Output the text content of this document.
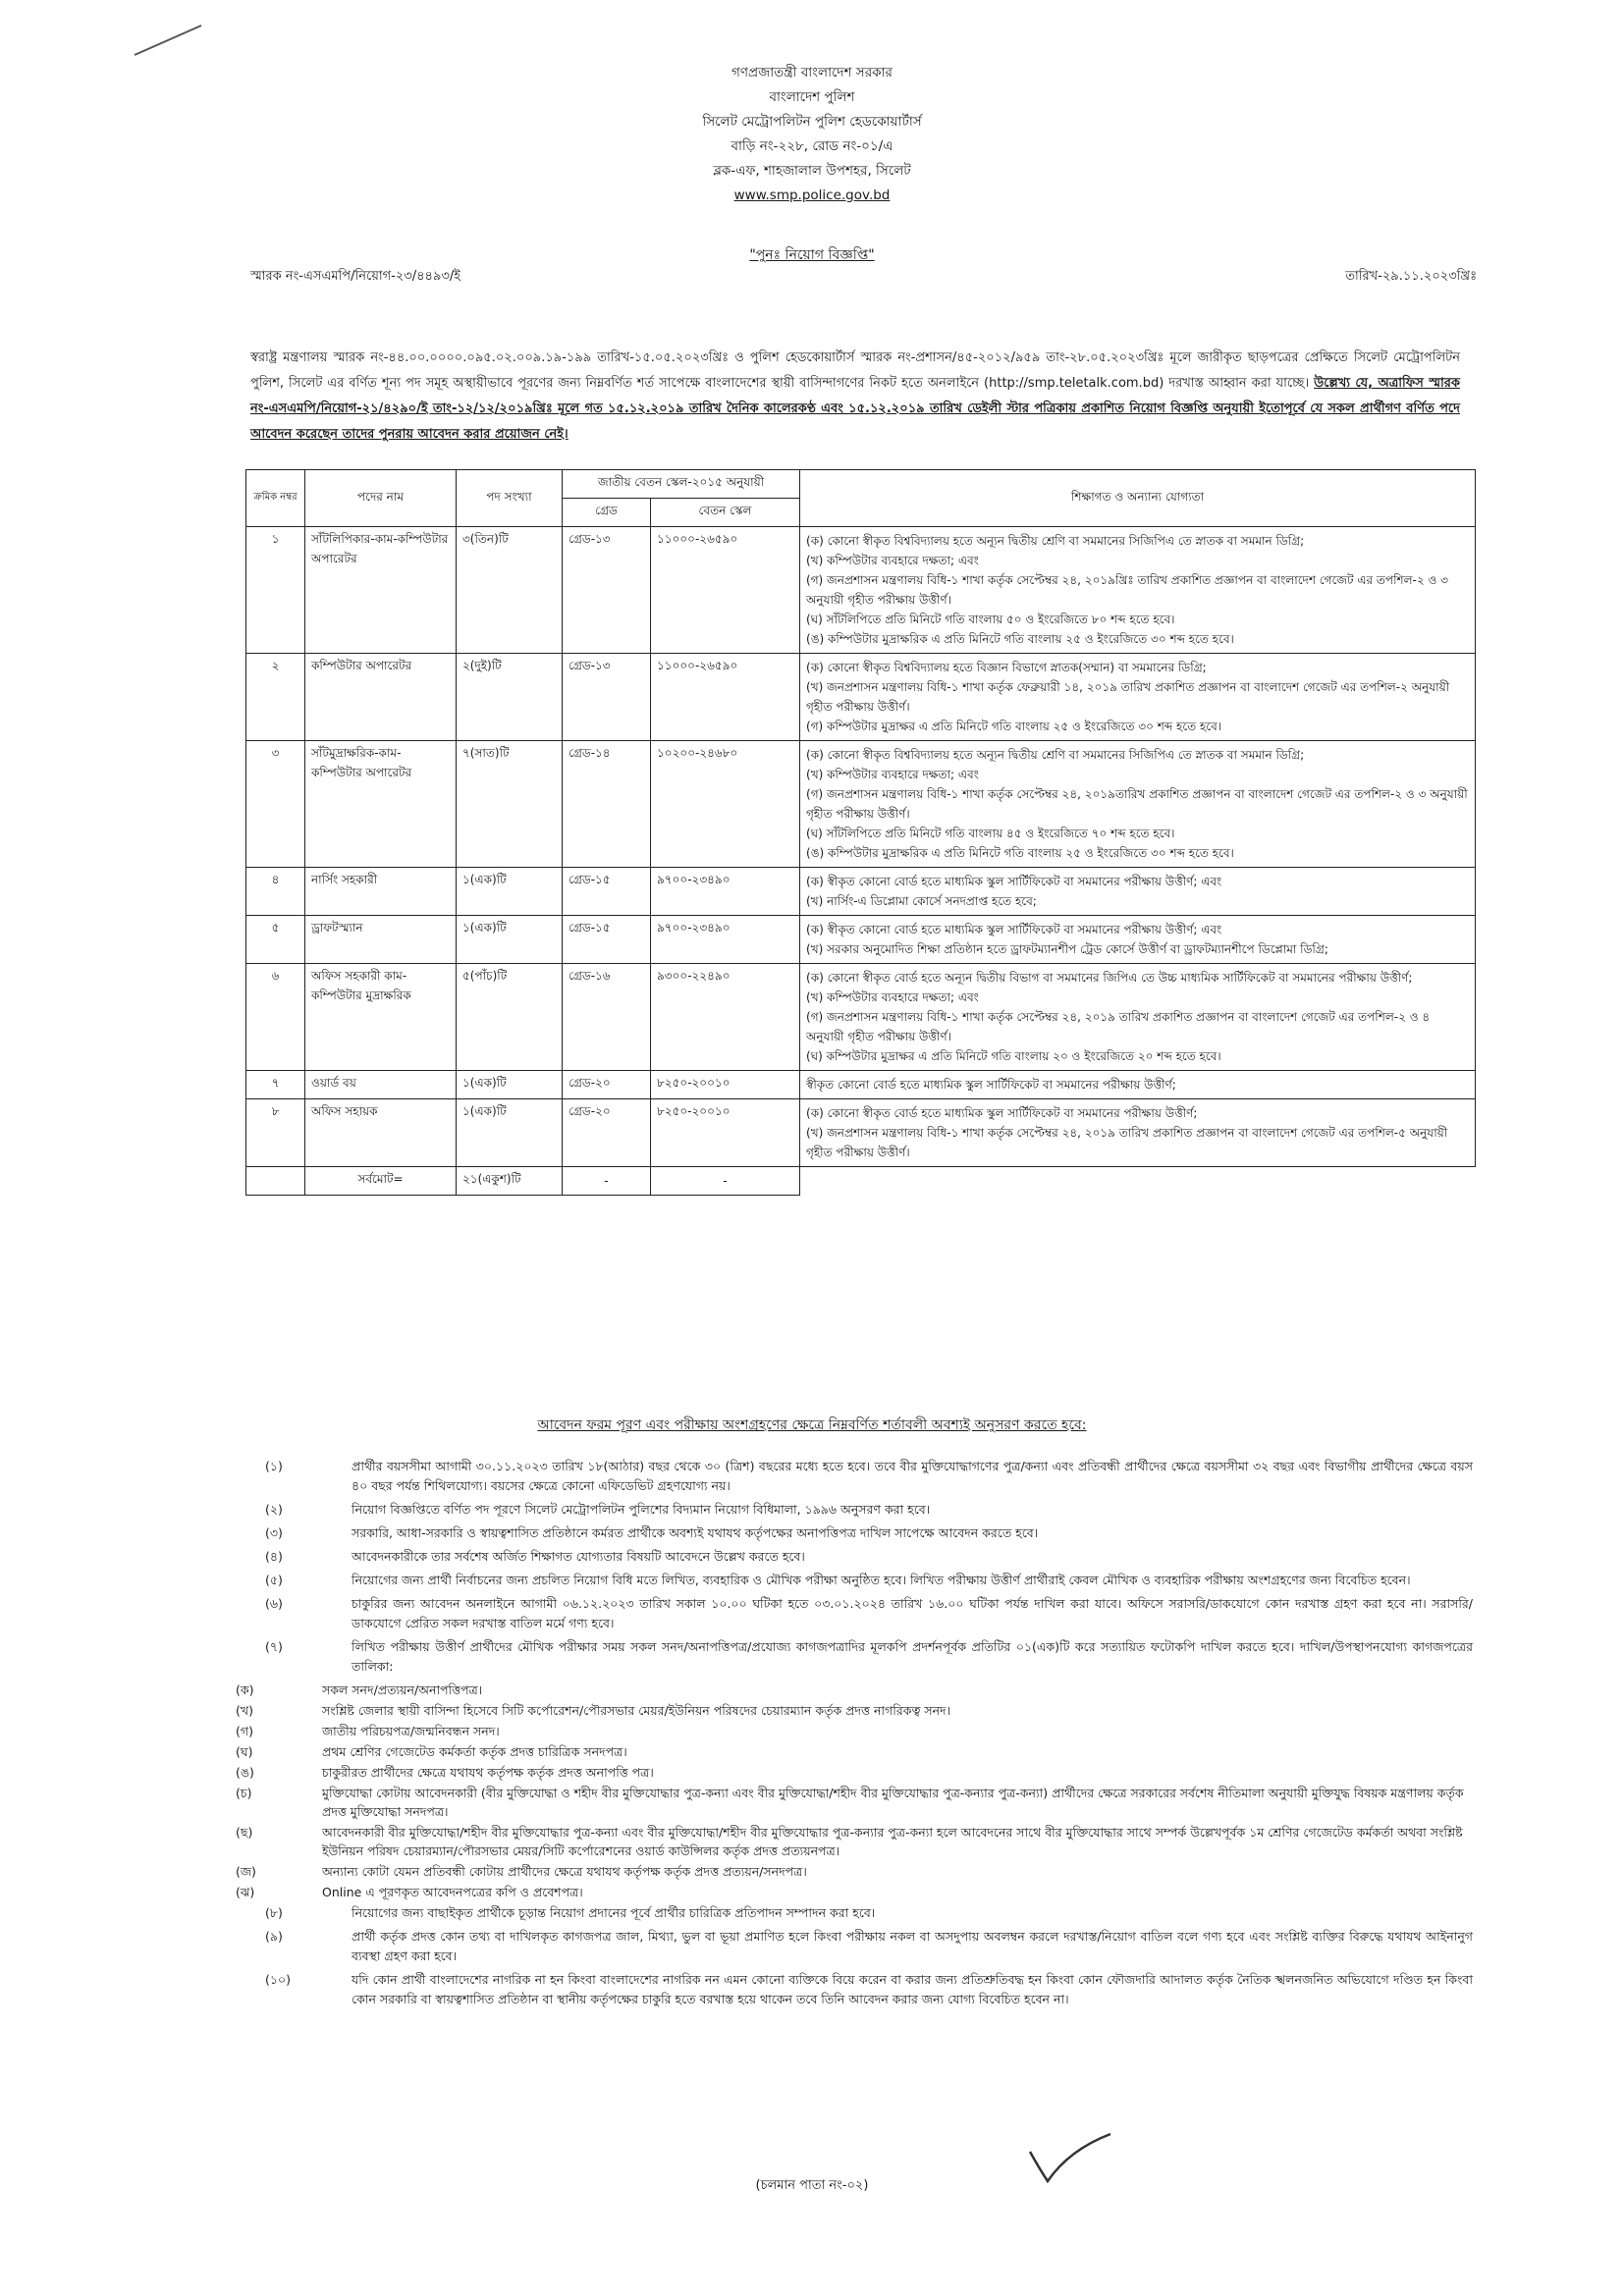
গণপ্রজাতন্ত্রী বাংলাদেশ সরকার
বাংলাদেশ পুলিশ
সিলেট মেট্রোপলিটন পুলিশ হেডকোয়ার্টার্স
বাড়ি নং-২২৮, রোড নং-০১/এ
ব্লক-এফ, শাহজালাল উপশহর, সিলেট
www.smp.police.gov.bd
"পুনঃ নিয়োগ বিজ্ঞপ্তি"
স্মারক নং-এসএমপি/নিয়োগ-২৩/৪৪৯৩/ই	তারিখ-২৯.১১.২০২৩খ্রিঃ
স্বরাষ্ট্র মন্ত্রণালয় স্মারক নং-৪৪.০০.০০০০.০৯৫.০২.০০৯.১৯-১৯৯ তারিখ-১৫.০৫.২০২৩খ্রিঃ ও পুলিশ হেডকোয়ার্টার্স স্মারক নং-প্রশাসন/৪৫-২০১২/৯৫৯ তাং-২৮.০৫.২০২৩খ্রিঃ মূলে জারীকৃত ছাড়পত্রের প্রেক্ষিতে সিলেট মেট্রোপলিটন পুলিশ, সিলেট এর বর্ণিত শূন্য পদ সমূহ অস্থায়ীভাবে পূরণের জন্য নিম্নবর্ণিত শর্ত সাপেক্ষে বাংলাদেশের স্থায়ী বাসিন্দাগণের নিকট হতে অনলাইনে (http://smp.teletalk.com.bd) দরখাস্ত আহ্বান করা যাচ্ছে। উল্লেখ্য যে, অত্রাফিস স্মারক নং-এসএমপি/নিয়োগ-২১/৪২৯০/ই তাং-১২/১২/২০১৯খ্রিঃ মূলে গত ১৫.১২.২০১৯ তারিখ দৈনিক কালেরকণ্ঠ এবং ১৫.১২.২০১৯ তারিখ ডেইলী স্টার পত্রিকায় প্রকাশিত নিয়োগ বিজ্ঞপ্তি অনুযায়ী ইতোপূর্বে যে সকল প্রার্থীগণ বর্ণিত পদে আবেদন করেছেন তাদের পুনরায় আবেদন করার প্রয়োজন নেই।
ক্রমিক নম্বর	পদের নাম	পদ সংখ্যা	জাতীয় বেতন স্কেল-২০১৫ অনুযায়ী		শিক্ষাগত ও অন্যান্য যোগ্যতা
			গ্রেড	বেতন স্কেল	
১	সাঁটলিপিকার-কাম-কম্পিউটার অপারেটর	৩(তিন)টি	গ্রেড-১৩	১১০০০-২৬৫৯০	(ক) কোনো স্বীকৃত বিশ্ববিদ্যালয় হতে অন্যূন দ্বিতীয় শ্রেণি বা সমমানের সিজিপিএ তে স্নাতক বা সমমান ডিগ্রি;
(খ) কম্পিউটার ব্যবহারে দক্ষতা; এবং
(গ) জনপ্রশাসন মন্ত্রণালয় বিধি-১ শাখা কর্তৃক সেপ্টেম্বর ২৪, ২০১৯খ্রিঃ তারিখ প্রকাশিত প্রজ্ঞাপন বা বাংলাদেশ গেজেট এর তপশিল-২ ও ৩ অনুযায়ী গৃহীত পরীক্ষায় উত্তীর্ণ।
(ঘ) সাঁটলিপিতে প্রতি মিনিটে গতি বাংলায় ৫০ ও ইংরেজিতে ৮০ শব্দ হতে হবে।
(ঙ) কম্পিউটার মুদ্রাক্ষরিক এ প্রতি মিনিটে গতি বাংলায় ২৫ ও ইংরেজিতে ৩০ শব্দ হতে হবে।

২	কম্পিউটার অপারেটর	২(দুই)টি	গ্রেড-১৩	১১০০০-২৬৫৯০	(ক) কোনো স্বীকৃত বিশ্ববিদ্যালয় হতে বিজ্ঞান বিভাগে স্নাতক(সম্মান) বা সমমানের ডিগ্রি;
(খ) জনপ্রশাসন মন্ত্রণালয় বিধি-১ শাখা কর্তৃক ফেব্রুয়ারী ১৪, ২০১৯ তারিখ প্রকাশিত প্রজ্ঞাপন বা বাংলাদেশ গেজেট এর তপশিল-২ অনুযায়ী গৃহীত পরীক্ষায় উত্তীর্ণ।
(গ) কম্পিউটার মুদ্রাক্ষর এ প্রতি মিনিটে গতি বাংলায় ২৫ ও ইংরেজিতে ৩০ শব্দ হতে হবে।

৩	সাঁটমুদ্রাক্ষরিক-কাম-কম্পিউটার অপারেটর	৭(সাত)টি	গ্রেড-১৪	১০২০০-২৪৬৮০	(ক) কোনো স্বীকৃত বিশ্ববিদ্যালয় হতে অন্যূন দ্বিতীয় শ্রেণি বা সমমানের সিজিপিএ তে স্নাতক বা সমমান ডিগ্রি;
(খ) কম্পিউটার ব্যবহারে দক্ষতা; এবং
(গ) জনপ্রশাসন মন্ত্রণালয় বিধি-১ শাখা কর্তৃক সেপ্টেম্বর ২৪, ২০১৯তারিখ প্রকাশিত প্রজ্ঞাপন বা বাংলাদেশ গেজেট এর তপশিল-২ ও ৩ অনুযায়ী গৃহীত পরীক্ষায় উত্তীর্ণ।
(ঘ) সাঁটলিপিতে প্রতি মিনিটে গতি বাংলায় ৪৫ ও ইংরেজিতে ৭০ শব্দ হতে হবে।
(ঙ) কম্পিউটার মুদ্রাক্ষরিক এ প্রতি মিনিটে গতি বাংলায় ২৫ ও ইংরেজিতে ৩০ শব্দ হতে হবে।

৪	নার্সিং সহকারী	১(এক)টি	গ্রেড-১৫	৯৭০০-২৩৪৯০	(ক) স্বীকৃত কোনো বোর্ড হতে মাধ্যমিক স্কুল সার্টিফিকেট বা সমমানের পরীক্ষায় উত্তীর্ণ; এবং
(খ) নার্সিং-এ ডিপ্লোমা কোর্সে সনদপ্রাপ্ত হতে হবে;

৫	ড্রাফটস্ম্যান	১(এক)টি	গ্রেড-১৫	৯৭০০-২৩৪৯০	(ক) স্বীকৃত কোনো বোর্ড হতে মাধ্যমিক স্কুল সার্টিফিকেট বা সমমানের পরীক্ষায় উত্তীর্ণ; এবং
(খ) সরকার অনুমোদিত শিক্ষা প্রতিষ্ঠান হতে ড্রাফটম্যানশীপ ট্রেড কোর্সে উত্তীর্ণ বা ড্রাফটম্যানশীপে ডিপ্লোমা ডিগ্রি;

৬	অফিস সহকারী কাম-কম্পিউটার মুদ্রাক্ষরিক	৫(পাঁচ)টি	গ্রেড-১৬	৯৩০০-২২৪৯০	(ক) কোনো স্বীকৃত বোর্ড হতে অন্যূন দ্বিতীয় বিভাগ বা সমমানের জিপিএ তে উচ্চ মাধ্যমিক সার্টিফিকেট বা সমমানের পরীক্ষায় উত্তীর্ণ;
(খ) কম্পিউটার ব্যবহারে দক্ষতা; এবং
(গ) জনপ্রশাসন মন্ত্রণালয় বিধি-১ শাখা কর্তৃক সেপ্টেম্বর ২৪, ২০১৯ তারিখ প্রকাশিত প্রজ্ঞাপন বা বাংলাদেশ গেজেট এর তপশিল-২ ও ৪ অনুযায়ী গৃহীত পরীক্ষায় উত্তীর্ণ।
(ঘ) কম্পিউটার মুদ্রাক্ষর এ প্রতি মিনিটে গতি বাংলায় ২০ ও ইংরেজিতে ২০ শব্দ হতে হবে।

৭	ওয়ার্ড বয়	১(এক)টি	গ্রেড-২০	৮২৫০-২০০১০	স্বীকৃত কোনো বোর্ড হতে মাধ্যমিক স্কুল সার্টিফিকেট বা সমমানের পরীক্ষায় উত্তীর্ণ;

৮	অফিস সহায়ক	১(এক)টি	গ্রেড-২০	৮২৫০-২০০১০	(ক) কোনো স্বীকৃত বোর্ড হতে মাধ্যমিক স্কুল সার্টিফিকেট বা সমমানের পরীক্ষায় উত্তীর্ণ;
(খ) জনপ্রশাসন মন্ত্রণালয় বিধি-১ শাখা কর্তৃক সেপ্টেম্বর ২৪, ২০১৯ তারিখ প্রকাশিত প্রজ্ঞাপন বা বাংলাদেশ গেজেট এর তপশিল-৫ অনুযায়ী গৃহীত পরীক্ষায় উত্তীর্ণ।

	সর্বমোট=	২১(একুশ)টি	-	-	
আবেদন ফরম পূরণ এবং পরীক্ষায় অংশগ্রহণের ক্ষেত্রে নিম্নবর্ণিত শর্তাবলী অবশ্যই অনুসরণ করতে হবে:
(১)	প্রার্থীর বয়সসীমা আগামী ৩০.১১.২০২৩ তারিখ ১৮(আঠার) বছর থেকে ৩০ (ত্রিশ) বছরের মধ্যে হতে হবে। তবে বীর মুক্তিযোদ্ধাগণের পুত্র/কন্যা এবং প্রতিবন্ধী প্রার্থীদের ক্ষেত্রে বয়সসীমা ৩২ বছর এবং বিভাগীয় প্রার্থীদের ক্ষেত্রে বয়স ৪০ বছর পর্যন্ত শিথিলযোগ্য। বয়সের ক্ষেত্রে কোনো এফিডেভিট গ্রহণযোগ্য নয়।
(২)	নিয়োগ বিজ্ঞপ্তিতে বর্ণিত পদ পূরণে সিলেট মেট্রোপলিটন পুলিশের বিদ্যমান নিয়োগ বিধিমালা, ১৯৯৬ অনুসরণ করা হবে।
(৩)	সরকারি, আধা-সরকারি ও স্বায়ত্বশাসিত প্রতিষ্ঠানে কর্মরত প্রার্থীকে অবশ্যই যথাযথ কর্তৃপক্ষের অনাপত্তিপত্র দাখিল সাপেক্ষে আবেদন করতে হবে।
(৪)	আবেদনকারীকে তার সর্বশেষ অর্জিত শিক্ষাগত যোগ্যতার বিষয়টি আবেদনে উল্লেখ করতে হবে।
(৫)	নিয়োগের জন্য প্রার্থী নির্বাচনের জন্য প্রচলিত নিয়োগ বিধি মতে লিখিত, ব্যবহারিক ও মৌখিক পরীক্ষা অনুষ্ঠিত হবে। লিখিত পরীক্ষায় উত্তীর্ণ প্রার্থীরাই কেবল মৌখিক ও ব্যবহারিক পরীক্ষায় অংশগ্রহণের জন্য বিবেচিত হবেন।
(৬)	চাকুরির জন্য আবেদন অনলাইনে আগামী ০৬.১২.২০২৩ তারিখ সকাল ১০.০০ ঘটিকা হতে ০৩.০১.২০২৪ তারিখ ১৬.০০ ঘটিকা পর্যন্ত দাখিল করা যাবে। অফিসে সরাসরি/ডাকযোগে কোন দরখাস্ত গ্রহণ করা হবে না। সরাসরি/ডাকযোগে প্রেরিত সকল দরখাস্ত বাতিল মর্মে গণ্য হবে।
(৭)	লিখিত পরীক্ষায় উত্তীর্ণ প্রার্থীদের মৌখিক পরীক্ষার সময় সকল সনদ/অনাপত্তিপত্র/প্রযোজ্য কাগজপত্রাদির মূলকপি প্রদর্শনপূর্বক প্রতিটির ০১(এক)টি করে সত্যায়িত ফটোকপি দাখিল করতে হবে। দাখিল/উপস্থাপনযোগ্য কাগজপত্রের তালিকা:
(ক)	সকল সনদ/প্রত্যয়ন/অনাপত্তিপত্র।
(খ)	সংশ্লিষ্ট জেলার স্থায়ী বাসিন্দা হিসেবে সিটি কর্পোরেশন/পৌরসভার মেয়র/ইউনিয়ন পরিষদের চেয়ারম্যান কর্তৃক প্রদত্ত নাগরিকত্ব সনদ।
(গ)	জাতীয় পরিচয়পত্র/জন্মনিবন্ধন সনদ।
(ঘ)	প্রথম শ্রেণির গেজেটেড কর্মকর্তা কর্তৃক প্রদত্ত চারিত্রিক সনদপত্র।
(ঙ)	চাকুরীরত প্রার্থীদের ক্ষেত্রে যথাযথ কর্তৃপক্ষ কর্তৃক প্রদত্ত অনাপত্তি পত্র।
(চ)	মুক্তিযোদ্ধা কোটায় আবেদনকারী (বীর মুক্তিযোদ্ধা ও শহীদ বীর মুক্তিযোদ্ধার পুত্র-কন্যা এবং বীর মুক্তিযোদ্ধা/শহীদ বীর মুক্তিযোদ্ধার পুত্র-কন্যার পুত্র-কন্যা) প্রার্থীদের ক্ষেত্রে সরকারের সর্বশেষ নীতিমালা অনুযায়ী মুক্তিযুদ্ধ বিষয়ক মন্ত্রণালয় কর্তৃক প্রদত্ত মুক্তিযোদ্ধা সনদপত্র।
(ছ)	আবেদনকারী বীর মুক্তিযোদ্ধা/শহীদ বীর মুক্তিযোদ্ধার পুত্র-কন্যা এবং বীর মুক্তিযোদ্ধা/শহীদ বীর মুক্তিযোদ্ধার পুত্র-কন্যার পুত্র-কন্যা হলে আবেদনের সাথে বীর মুক্তিযোদ্ধার সাথে সম্পর্ক উল্লেখপূর্বক ১ম শ্রেণির গেজেটেড কর্মকর্তা অথবা সংশ্লিষ্ট ইউনিয়ন পরিষদ চেয়ারম্যান/পৌরসভার মেয়র/সিটি কর্পোরেশনের ওয়ার্ড কাউন্সিলর কর্তৃক প্রদত্ত প্রত্যয়নপত্র।
(জ)	অন্যান্য কোটা যেমন প্রতিবন্ধী কোটায় প্রার্থীদের ক্ষেত্রে যথাযথ কর্তৃপক্ষ কর্তৃক প্রদত্ত প্রত্যয়ন/সনদপত্র।
(ঝ)	Online এ পূরণকৃত আবেদনপত্রের কপি ও প্রবেশপত্র।
(৮)	নিয়োগের জন্য বাছাইকৃত প্রার্থীকে চূড়ান্ত নিয়োগ প্রদানের পূর্বে প্রার্থীর চারিত্রিক প্রতিপাদন সম্পাদন করা হবে।
(৯)	প্রার্থী কর্তৃক প্রদত্ত কোন তথ্য বা দাখিলকৃত কাগজপত্র জাল, মিথ্যা, ভুল বা ভূয়া প্রমাণিত হলে কিংবা পরীক্ষায় নকল বা অসদুপায় অবলম্বন করলে দরখাস্ত/নিয়োগ বাতিল বলে গণ্য হবে এবং সংশ্লিষ্ট ব্যক্তির বিরুদ্ধে যথাযথ আইনানুগ ব্যবস্থা গ্রহণ করা হবে।
(১০)	যদি কোন প্রার্থী বাংলাদেশের নাগরিক না হন কিংবা বাংলাদেশের নাগরিক নন এমন কোনো ব্যক্তিকে বিয়ে করেন বা করার জন্য প্রতিশ্রুতিবদ্ধ হন কিংবা কোন ফৌজদারি আদালত কর্তৃক নৈতিক স্খলনজনিত অভিযোগে দণ্ডিত হন কিংবা কোন সরকারি বা স্বায়ত্বশাসিত প্রতিষ্ঠান বা স্থানীয় কর্তৃপক্ষের চাকুরি হতে বরখাস্ত হয়ে থাকেন তবে তিনি আবেদন করার জন্য যোগ্য বিবেচিত হবেন না।
(চলমান পাতা নং-০২)
